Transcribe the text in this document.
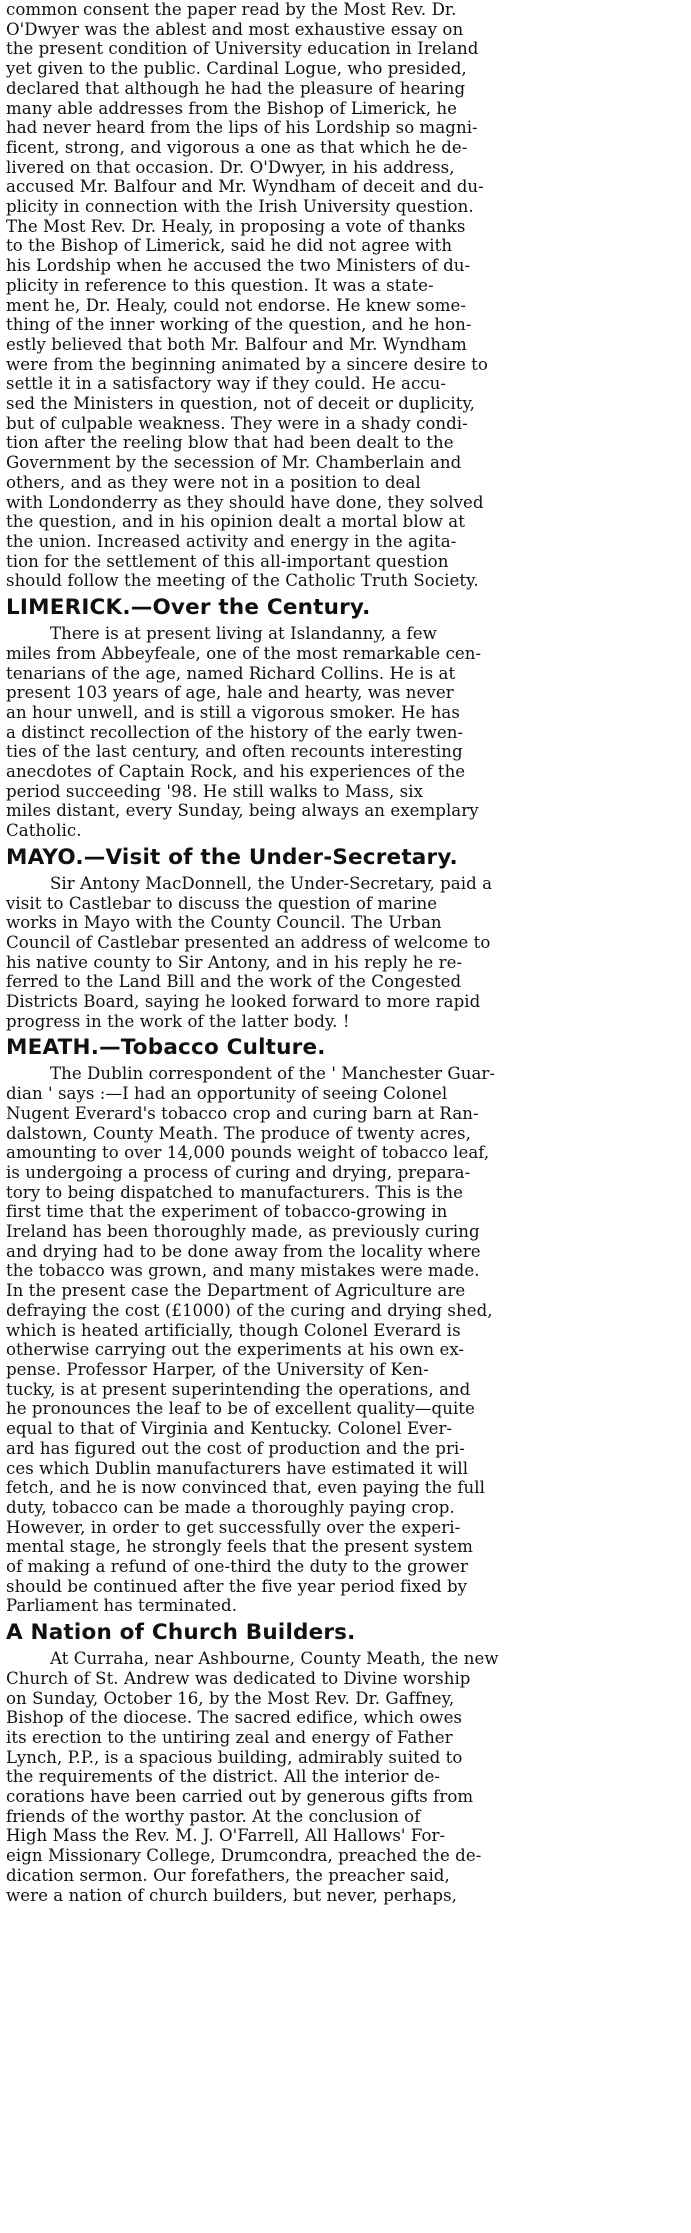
common consent the paper read by the Most Rev. Dr.
O'Dwyer was the ablest and most exhaustive essay on
the present condition of University education in Ireland
yet given to the public. Cardinal Logue, who presided,
declared that although he had the pleasure of hearing
many able addresses from the Bishop of Limerick, he
had never heard from the lips of his Lordship so magni-
ficent, strong, and vigorous a one as that which he de-
livered on that occasion. Dr. O'Dwyer, in his address,
accused Mr. Balfour and Mr. Wyndham of deceit and du-
plicity in connection with the Irish University question.
The Most Rev. Dr. Healy, in proposing a vote of thanks
to the Bishop of Limerick, said he did not agree with
his Lordship when he accused the two Ministers of du-
plicity in reference to this question. It was a state-
ment he, Dr. Healy, could not endorse. He knew some-
thing of the inner working of the question, and he hon-
estly believed that both Mr. Balfour and Mr. Wyndham
were from the beginning animated by a sincere desire to
settle it in a satisfactory way if they could. He accu-
sed the Ministers in question, not of deceit or duplicity,
but of culpable weakness. They were in a shady condi-
tion after the reeling blow that had been dealt to the
Government by the secession of Mr. Chamberlain and
others, and as they were not in a position to deal
with Londonderry as they should have done, they solved
the question, and in his opinion dealt a mortal blow at
the union. Increased activity and energy in the agita-
tion for the settlement of this all-important question
should follow the meeting of the Catholic Truth Society.

LIMERICK.—Over the Century.

There is at present living at Islandanny, a few
miles from Abbeyfeale, one of the most remarkable cen-
tenarians of the age, named Richard Collins. He is at
present 103 years of age, hale and hearty, was never
an hour unwell, and is still a vigorous smoker. He has
a distinct recollection of the history of the early twen-
ties of the last century, and often recounts interesting
anecdotes of Captain Rock, and his experiences of the
period succeeding '98. He still walks to Mass, six
miles distant, every Sunday, being always an exemplary
Catholic.

MAYO.—Visit of the Under-Secretary.

Sir Antony MacDonnell, the Under-Secretary, paid a
visit to Castlebar to discuss the question of marine
works in Mayo with the County Council. The Urban
Council of Castlebar presented an address of welcome to
his native county to Sir Antony, and in his reply he re-
ferred to the Land Bill and the work of the Congested
Districts Board, saying he looked forward to more rapid
progress in the work of the latter body. !

MEATH.—Tobacco Culture.

The Dublin correspondent of the ' Manchester Guar-
dian ' says :—I had an opportunity of seeing Colonel
Nugent Everard's tobacco crop and curing barn at Ran-
dalstown, County Meath. The produce of twenty acres,
amounting to over 14,000 pounds weight of tobacco leaf,
is undergoing a process of curing and drying, prepara-
tory to being dispatched to manufacturers. This is the
first time that the experiment of tobacco-growing in
Ireland has been thoroughly made, as previously curing
and drying had to be done away from the locality where
the tobacco was grown, and many mistakes were made.
In the present case the Department of Agriculture are
defraying the cost (£1000) of the curing and drying shed,
which is heated artificially, though Colonel Everard is
otherwise carrying out the experiments at his own ex-
pense. Professor Harper, of the University of Ken-
tucky, is at present superintending the operations, and
he pronounces the leaf to be of excellent quality—quite
equal to that of Virginia and Kentucky. Colonel Ever-
ard has figured out the cost of production and the pri-
ces which Dublin manufacturers have estimated it will
fetch, and he is now convinced that, even paying the full
duty, tobacco can be made a thoroughly paying crop.
However, in order to get successfully over the experi-
mental stage, he strongly feels that the present system
of making a refund of one-third the duty to the grower
should be continued after the five year period fixed by
Parliament has terminated.

A Nation of Church Builders.

At Curraha, near Ashbourne, County Meath, the new
Church of St. Andrew was dedicated to Divine worship
on Sunday, October 16, by the Most Rev. Dr. Gaffney,
Bishop of the diocese. The sacred edifice, which owes
its erection to the untiring zeal and energy of Father
Lynch, P.P., is a spacious building, admirably suited to
the requirements of the district. All the interior de-
corations have been carried out by generous gifts from
friends of the worthy pastor. At the conclusion of
High Mass the Rev. M. J. O'Farrell, All Hallows' For-
eign Missionary College, Drumcondra, preached the de-
dication sermon. Our forefathers, the preacher said,
were a nation of church builders, but never, perhaps,
